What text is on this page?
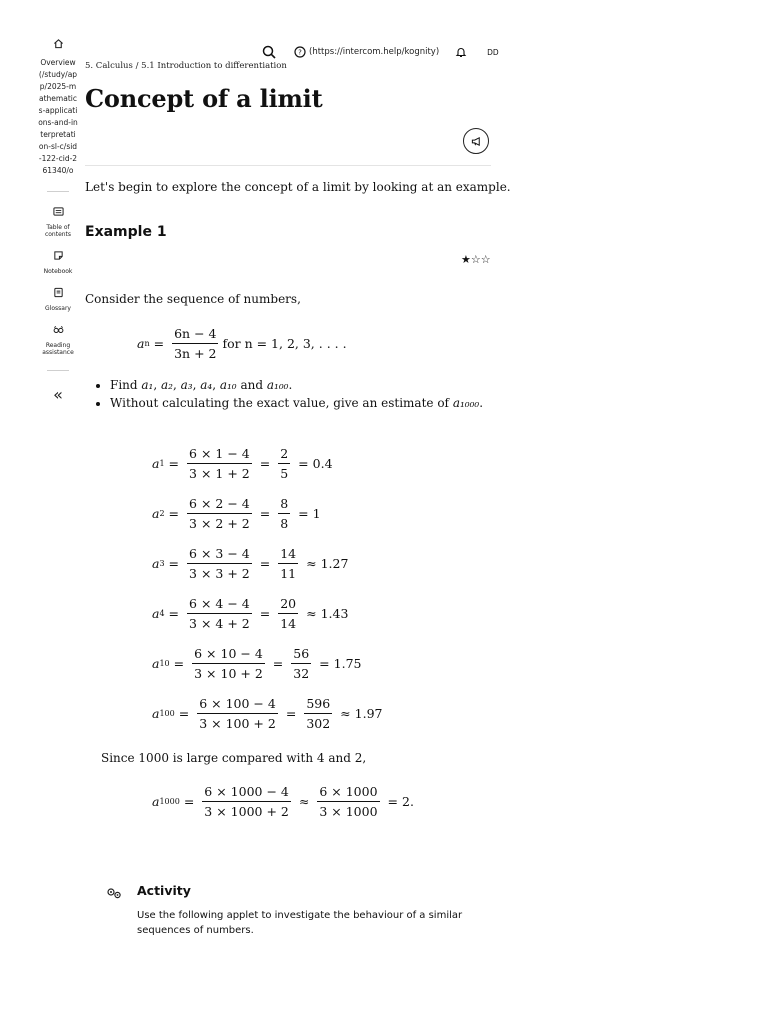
Overview (/study/app/2025-mathematics-applications-and-interpretation-sl-c/sid-122-cid-261340/o
Table of contents
Notebook
Glossary
Reading assistance
«
? (https://intercom.help/kognity)	DD
5. Calculus / 5.1 Introduction to differentiation
Concept of a limit

Let's begin to explore the concept of a limit by looking at an example.

Example 1
★☆☆

Consider the sequence of numbers,

a $n = \frac{6n - 4}{3n + 2}$ for n = 1, 2, 3, . . . .
• Find a₁, a₂, a₃, a₄, a₁₀ and a₁₀₀.
• Without calculating the exact value, give an estimate of a₁₀₀₀.
a $1 = \frac{6 \times 1 - 4}{3 \times 1 + 2} = \frac{2}{5} = 0.4$
a $2 = \frac{6 \times 2 - 4}{3 \times 2 + 2} = \frac{8}{8} = 1$
a $3 = \frac{6 \times 3 - 4}{3 \times 3 + 2} = \frac{14}{11} \approx 1.27$
a $4 = \frac{6 \times 4 - 4}{3 \times 4 + 2} = \frac{20}{14} \approx 1.43$
a $10 = \frac{6 \times 10 - 4}{3 \times 10 + 2} = \frac{56}{32} = 1.75$
a $100 = \frac{6 \times 100 - 4}{3 \times 100 + 2} = \frac{596}{302} \approx 1.97$

Since 1000 is large compared with 4 and 2,

a $1000 = \frac{6 \times 1000 - 4}{3 \times 1000 + 2} \approx \frac{6 \times 1000}{3 \times 1000} = 2$.
Activity

Use the following applet to investigate the behaviour of a similar sequences of numbers.
